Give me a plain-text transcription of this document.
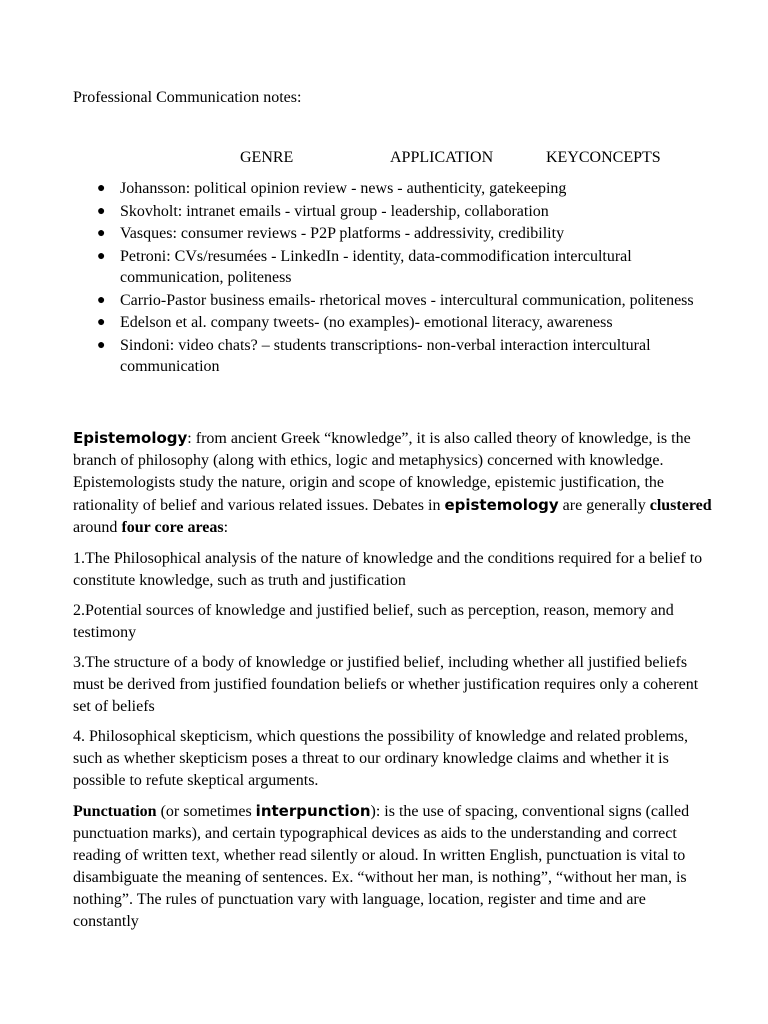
Professional Communication notes:
GENRE	APPLICATION	KEYCONCEPTS
● Johansson: political opinion review - news - authenticity, gatekeeping
● Skovholt: intranet emails - virtual group - leadership, collaboration
● Vasques: consumer reviews - P2P platforms - addressivity, credibility
● Petroni: CVs/resumées - LinkedIn - identity, data-commodification intercultural communication, politeness
● Carrio-Pastor business emails- rhetorical moves - intercultural communication, politeness
● Edelson et al. company tweets- (no examples)- emotional literacy, awareness
● Sindoni: video chats? – students transcriptions- non-verbal interaction intercultural communication

Epistemology: from ancient Greek “knowledge”, it is also called theory of knowledge, is the branch of philosophy (along with ethics, logic and metaphysics) concerned with knowledge. Epistemologists study the nature, origin and scope of knowledge, epistemic justification, the rationality of belief and various related issues. Debates in epistemology are generally clustered around four core areas:

1.The Philosophical analysis of the nature of knowledge and the conditions required for a belief to constitute knowledge, such as truth and justification

2.Potential sources of knowledge and justified belief, such as perception, reason, memory and testimony

3.The structure of a body of knowledge or justified belief, including whether all justified beliefs must be derived from justified foundation beliefs or whether justification requires only a coherent set of beliefs

4. Philosophical skepticism, which questions the possibility of knowledge and related problems, such as whether skepticism poses a threat to our ordinary knowledge claims and whether it is possible to refute skeptical arguments.

Punctuation (or sometimes interpunction): is the use of spacing, conventional signs (called punctuation marks), and certain typographical devices as aids to the understanding and correct reading of written text, whether read silently or aloud. In written English, punctuation is vital to disambiguate the meaning of sentences. Ex. “without her man, is nothing”, “without her man, is nothing”. The rules of punctuation vary with language, location, register and time and are constantly
